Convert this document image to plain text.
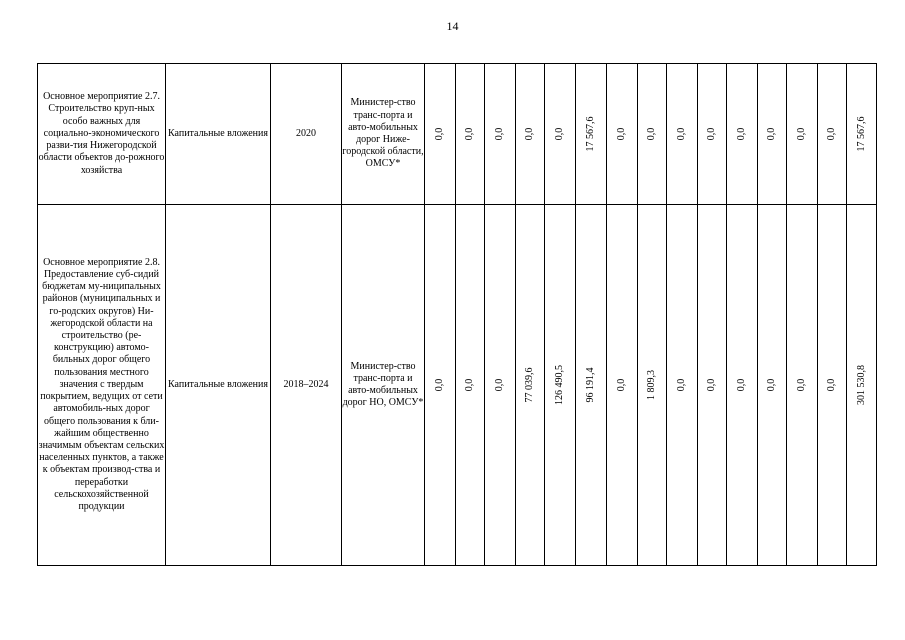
14
Основное мероприятие 2.7.
Строительство круп-ных особо важных для социально-экономического разви-тия Нижегородской области объектов до-рожного хозяйства	Капитальные вложения	2020	Министер-ство транс-порта и авто-мобильных дорог Ниже-городской области, ОМСУ*	0,0	0,0	0,0	0,0	0,0	17 567,6	0,0	0,0	0,0	0,0	0,0	0,0	0,0	0,0	17 567,6

Основное мероприятие 2.8.
Предоставление суб-сидий бюджетам му-ниципальных районов (муниципальных и го-родских округов) Ни-жегородской области на строительство (ре-конструкцию) автомо-бильных дорог общего пользования местного значения с твердым покрытием, ведущих от сети автомобиль-ных дорог общего пользования к бли-жайшим общественно значимым объектам сельских населенных пунктов, а также к объектам производ-ства и переработки сельскохозяйственной продукции	Капитальные вложения	2018–2024	Министер-ство транс-порта и авто-мобильных дорог НО, ОМСУ*	0,0	0,0	0,0	77 039,6	126 490,5	96 191,4	0,0	1 809,3	0,0	0,0	0,0	0,0	0,0	0,0	301 530,8
